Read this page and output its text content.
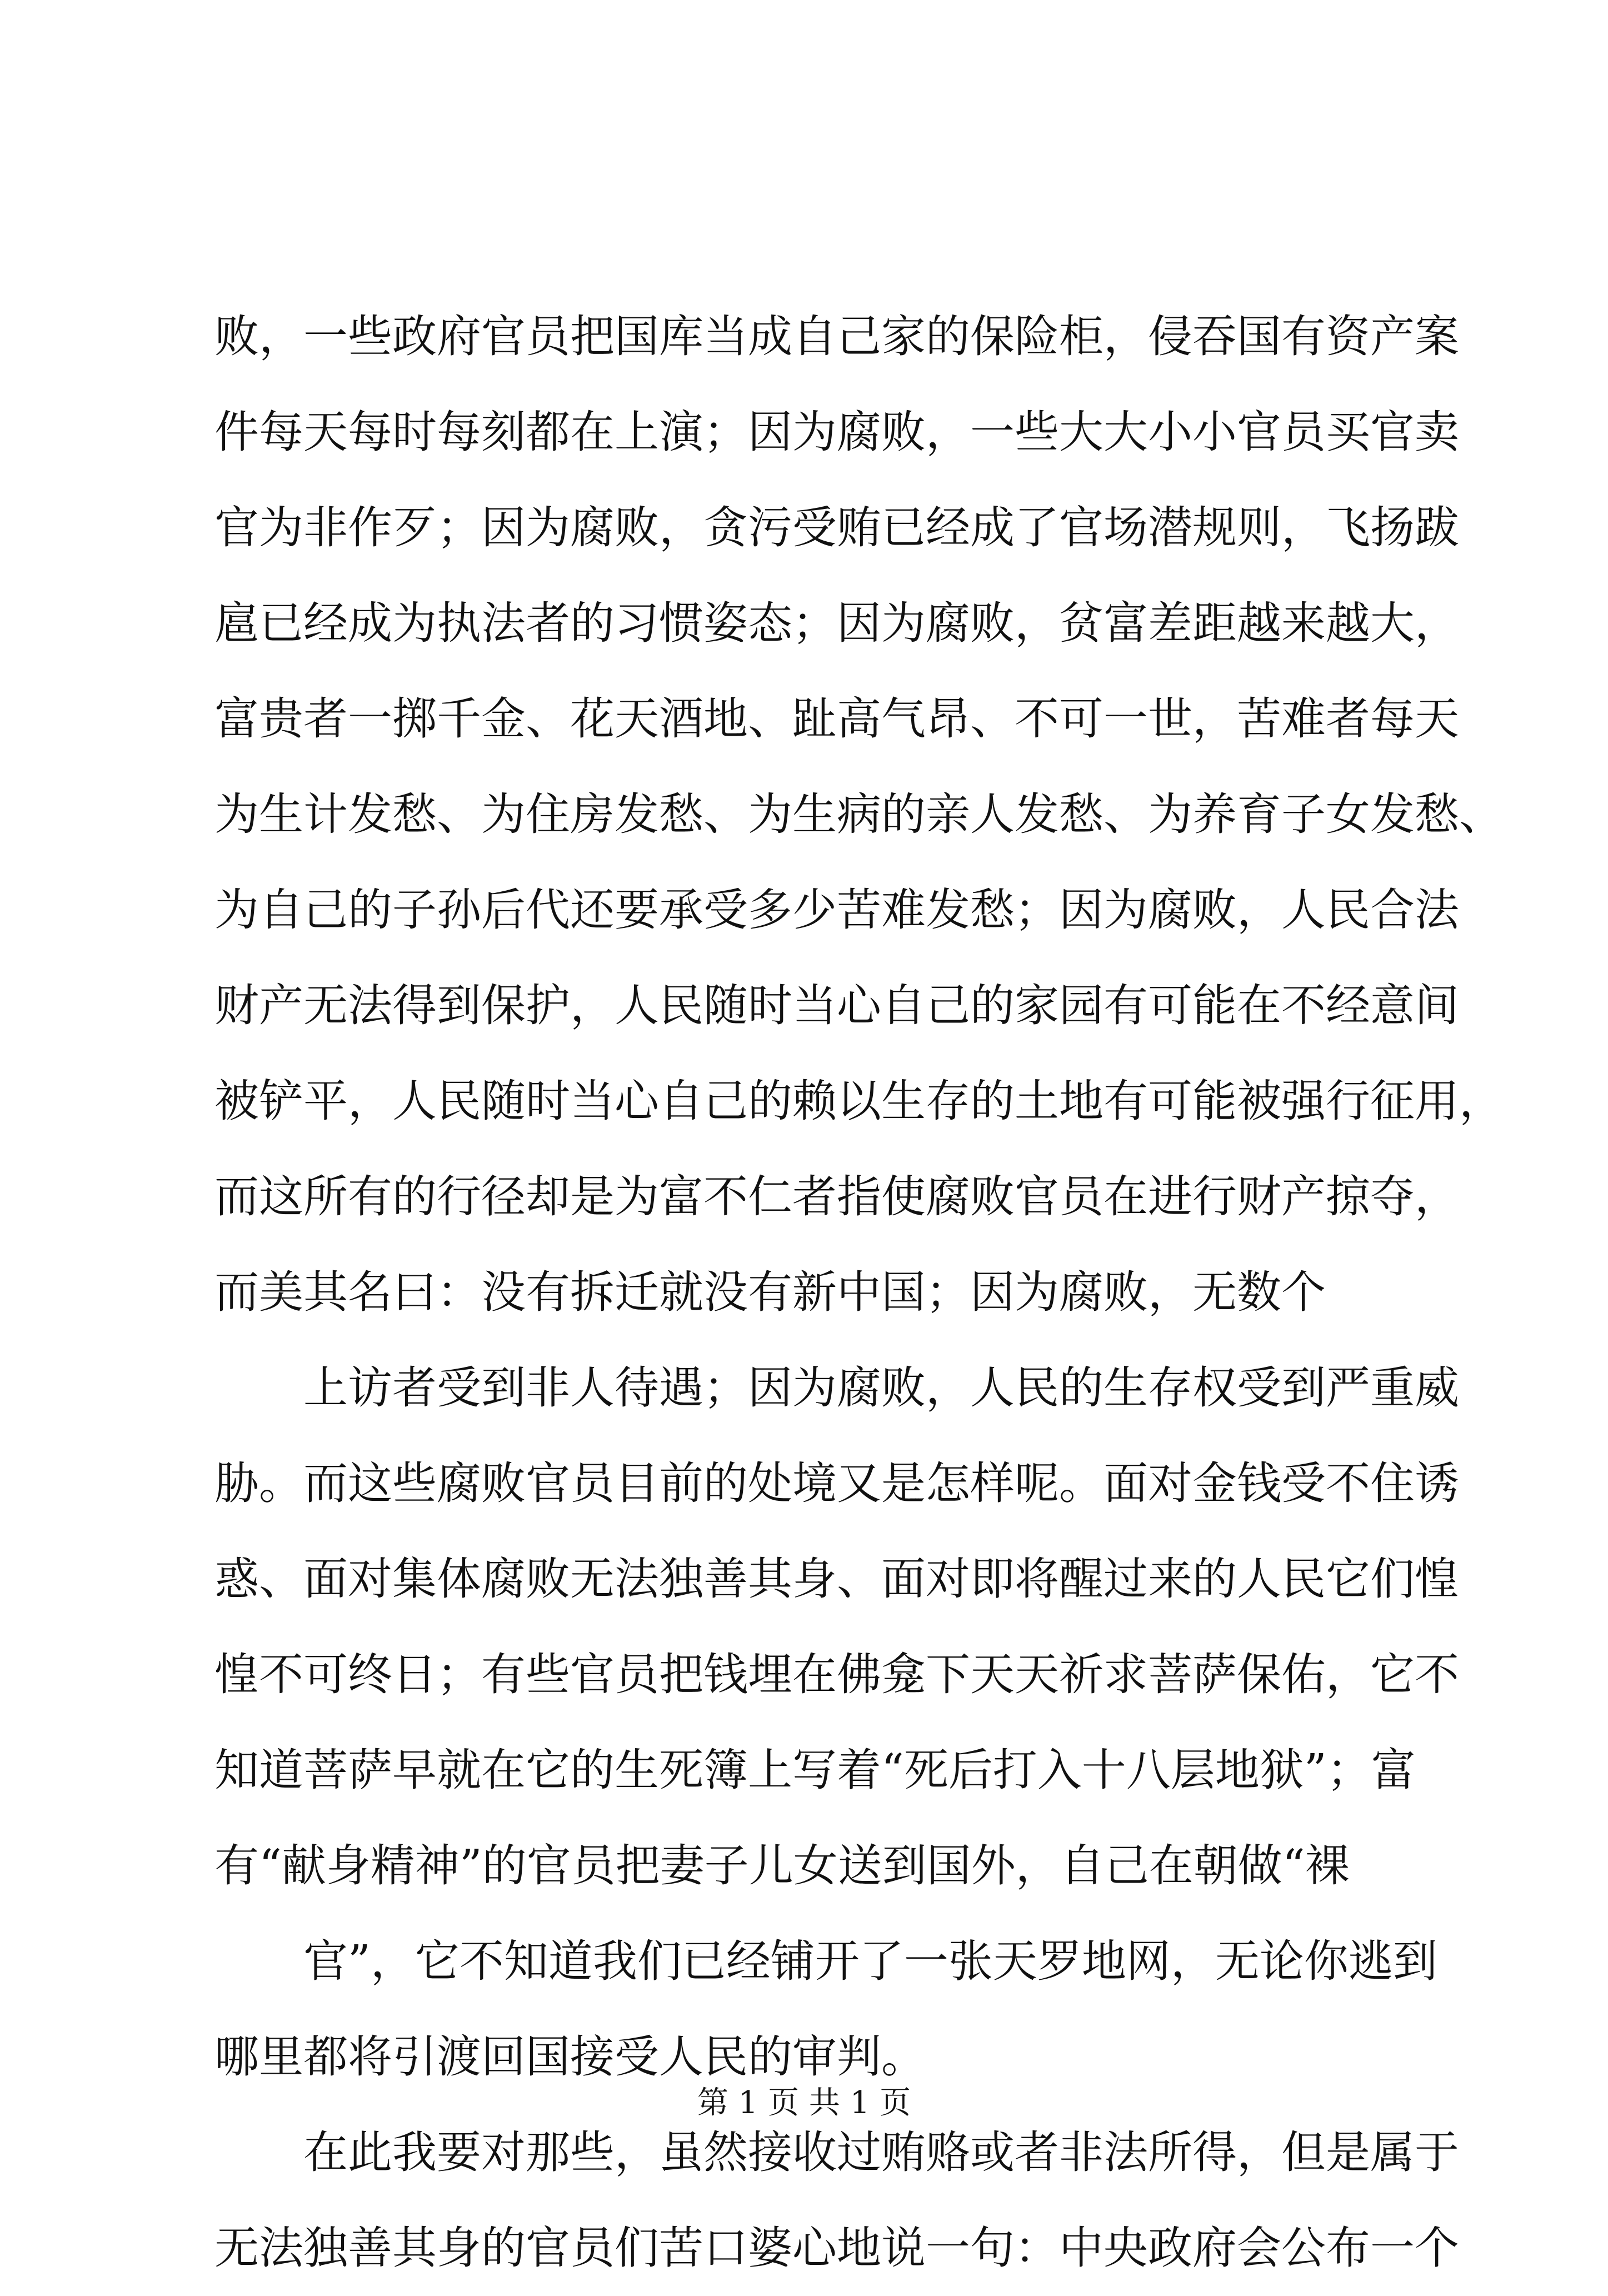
败，一些政府官员把国库当成自己家的保险柜，侵吞国有资产案
件每天每时每刻都在上演；因为腐败，一些大大小小官员买官卖
官为非作歹；因为腐败，贪污受贿已经成了官场潜规则，飞扬跋
扈已经成为执法者的习惯姿态；因为腐败，贫富差距越来越大，
富贵者一掷千金、花天酒地、趾高气昂、不可一世，苦难者每天
为生计发愁、为住房发愁、为生病的亲人发愁、为养育子女发愁、
为自己的子孙后代还要承受多少苦难发愁；因为腐败，人民合法
财产无法得到保护，人民随时当心自己的家园有可能在不经意间
被铲平，人民随时当心自己的赖以生存的土地有可能被强行征用，
而这所有的行径却是为富不仁者指使腐败官员在进行财产掠夺，
而美其名曰：没有拆迁就没有新中国；因为腐败，无数个
上访者受到非人待遇；因为腐败，人民的生存权受到严重威
胁。而这些腐败官员目前的处境又是怎样呢。面对金钱受不住诱
惑、面对集体腐败无法独善其身、面对即将醒过来的人民它们惶
惶不可终日；有些官员把钱埋在佛龛下天天祈求菩萨保佑，它不
知道菩萨早就在它的生死簿上写着“死后打入十八层地狱”；富
有“献身精神”的官员把妻子儿女送到国外，自己在朝做“裸
官”，它不知道我们已经铺开了一张天罗地网，无论你逃到
哪里都将引渡回国接受人民的审判。
在此我要对那些，虽然接收过贿赂或者非法所得，但是属于
无法独善其身的官员们苦口婆心地说一句：中央政府会公布一个
第 1 页 共 1 页
